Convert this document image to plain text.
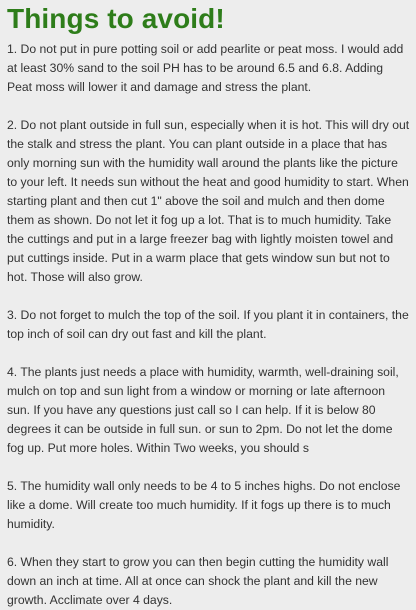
Things to avoid!

1. Do not put in pure potting soil or add pearlite or peat moss. I would add at least 30% sand to the soil PH has to be around 6.5 and 6.8. Adding Peat moss will lower it and damage and stress the plant.

2. Do not plant outside in full sun, especially when it is hot. This will dry out the stalk and stress the plant. You can plant outside in a place that has only morning sun with the humidity wall around the plants like the picture to your left. It needs sun without the heat and good humidity to start. When starting plant and then cut 1" above the soil and mulch and then dome them as shown. Do not let it fog up a lot. That is to much humidity. Take the cuttings and put in a large freezer bag with lightly moisten towel and put cuttings inside. Put in a warm place that gets window sun but not to hot. Those will also grow.

3. Do not forget to mulch the top of the soil. If you plant it in containers, the top inch of soil can dry out fast and kill the plant.

4. The plants just needs a place with humidity, warmth, well-draining soil, mulch on top and sun light from a window or morning or late afternoon sun. If you have any questions just call so I can help. If it is below 80 degrees it can be outside in full sun. or sun to 2pm. Do not let the dome fog up. Put more holes. Within Two weeks, you should s

5. The humidity wall only needs to be 4 to 5 inches highs. Do not enclose like a dome. Will create too much humidity. If it fogs up there is to much humidity.

6. When they start to grow you can then begin cutting the humidity wall down an inch at time. All at once can shock the plant and kill the new growth. Acclimate over 4 days.
